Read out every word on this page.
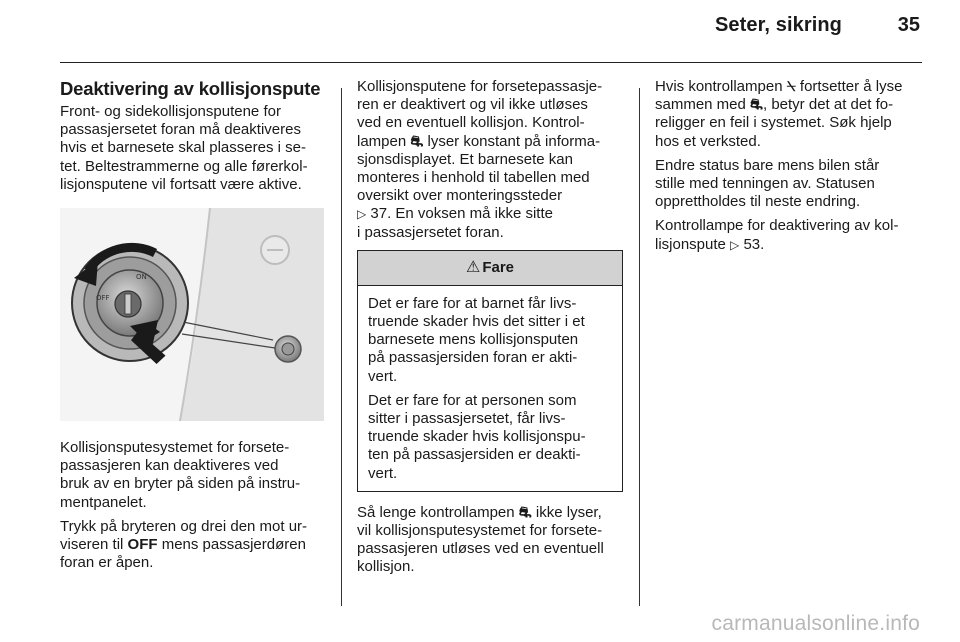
Seter, sikring	35
Deaktivering av kollisjonspute

Front- og sidekollisjonsputene for
passasjersetet foran må deaktiveres
hvis et barnesete skal plasseres i se-
tet. Beltestrammerne og alle førerkol-
lisjonsputene vil fortsatt være aktive.

ON
OFF

Kollisjonsputesystemet for forsete-
passasjeren kan deaktiveres ved
bruk av en bryter på siden på instru-
mentpanelet.

Trykk på bryteren og drei den mot ur-
viseren til OFF mens passasjerdøren
foran er åpen.

Kollisjonsputene for forsetepassasje-
ren er deaktivert og vil ikke utløses
ved en eventuell kollisjon. Kontrol-
lampen ⛐ lyser konstant på informa-
sjonsdisplayet. Et barnesete kan
monteres i henhold til tabellen med
oversikt over monteringssteder
▷ 37. En voksen må ikke sitte
i passasjersetet foran.

⚠ Fare

Det er fare for at barnet får livs-
truende skader hvis det sitter i et
barnesete mens kollisjonsputen
på passasjersiden foran er akti-
vert.

Det er fare for at personen som
sitter i passasjersetet, får livs-
truende skader hvis kollisjonspu-
ten på passasjersiden er deakti-
vert.

Så lenge kontrollampen ⛐ ikke lyser,
vil kollisjonsputesystemet for forsete-
passasjeren utløses ved en eventuell
kollisjon.

Hvis kontrollampen ⍀ fortsetter å lyse
sammen med ⛐, betyr det at det fo-
religger en feil i systemet. Søk hjelp
hos et verksted.

Endre status bare mens bilen står
stille med tenningen av. Statusen
opprettholdes til neste endring.

Kontrollampe for deaktivering av kol-
lisjonspute ▷ 53.

carmanualsonline.info
